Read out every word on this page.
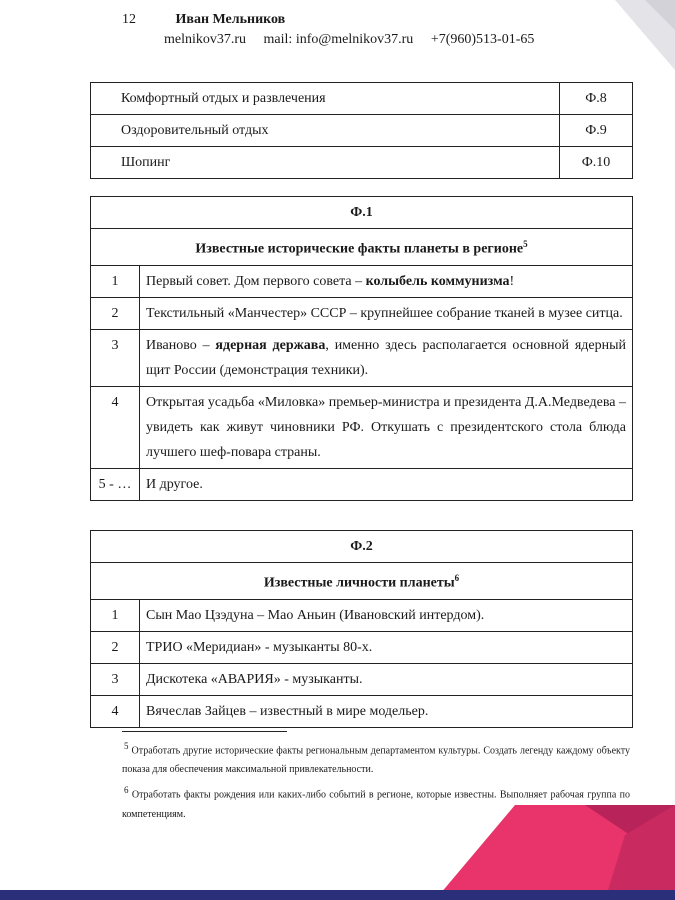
12	Иван Мельников
melnikov37.ru mail: info@melnikov37.ru +7(960)513-01-65
Комфортный отдых и развлечения	Ф.8
Оздоровительный отдых	Ф.9
Шопинг	Ф.10
Ф.1	
Известные исторические факты планеты в регионе$^5$
1	Первый совет. Дом первого совета – колыбель коммунизма!
2	Текстильный «Манчестер» СССР – крупнейшее собрание тканей в музее ситца.
3	Иваново – ядерная держава, именно здесь располагается основной ядерный щит России (демонстрация техники).
4	Открытая усадьба «Миловка» премьер-министра и президента Д.А.Медведева – увидеть как живут чиновники РФ. Откушать с президентского стола блюда лучшего шеф-повара страны.
5 - …	И другое.
Ф.2	
Известные личности планеты$^6$
1	Сын Мао Цзэдуна – Мао Аньин (Ивановский интердом).
2	ТРИО «Меридиан» - музыканты 80-х.
3	Дискотека «АВАРИЯ» - музыканты.
4	Вячеслав Зайцев – известный в мире модельер.

$^5$ Отработать другие исторические факты региональным департаментом культуры. Создать легенду каждому объекту показа для обеспечения максимальной привлекательности.

$^6$ Отработать факты рождения или каких-либо событий в регионе, которые известны. Выполняет рабочая группа по компетенциям.
